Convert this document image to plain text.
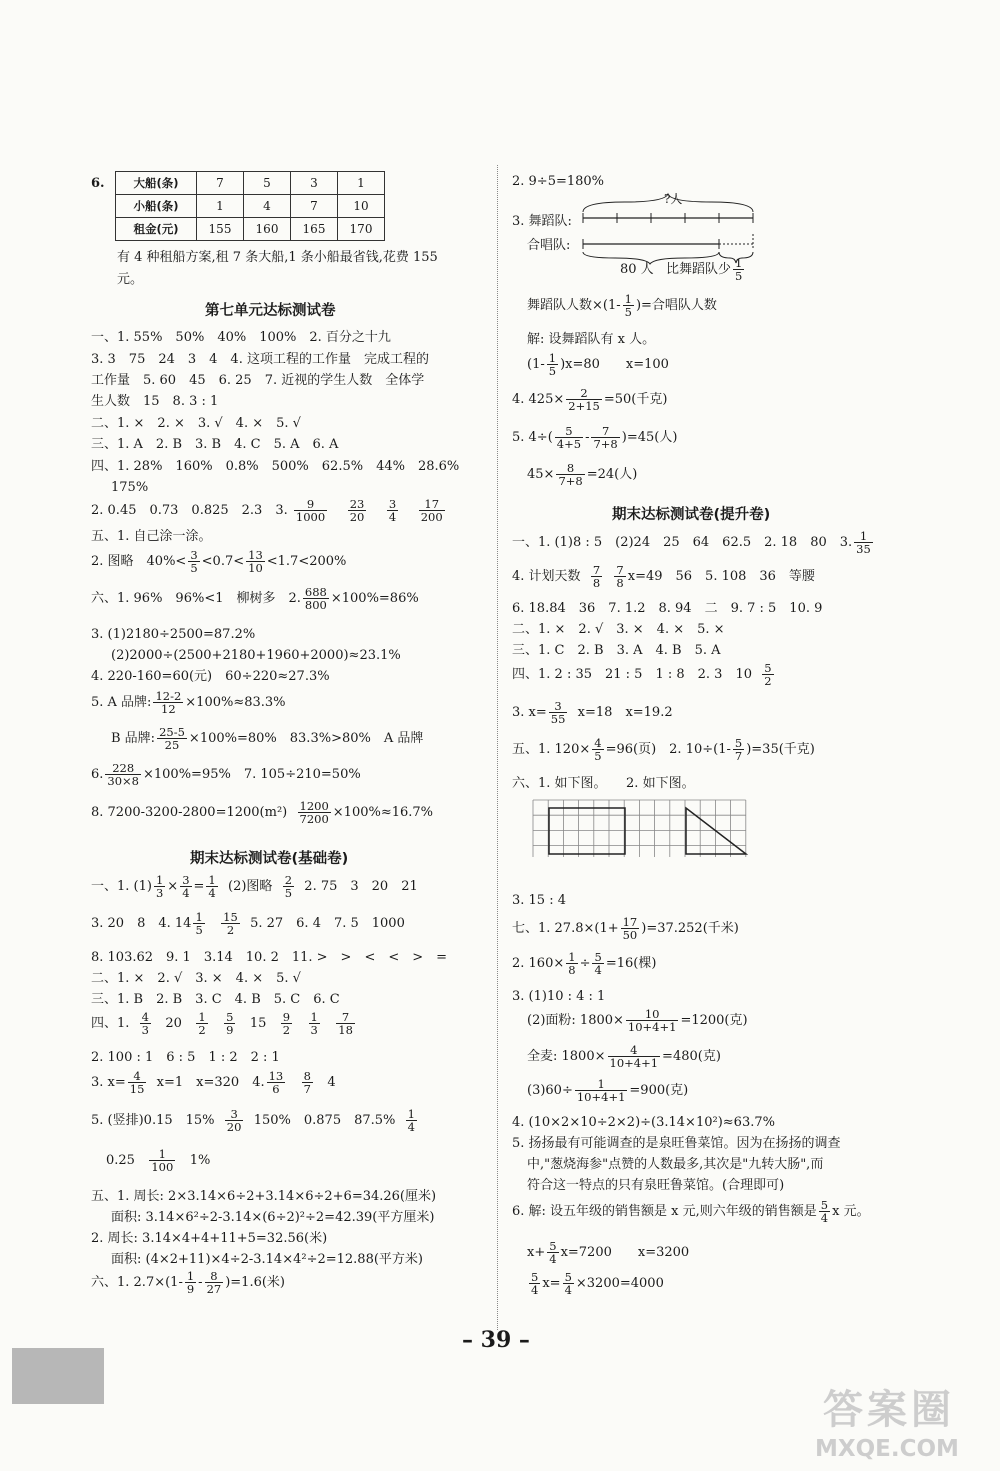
6.	大船(条)	7	5	3	1
小船(条)	1	4	7	10
租金(元)	155	160	165	170
有 4 种租船方案,租 7 条大船,1 条小船最省钱,花费 155
元。
第七单元达标测试卷
一、1. 55%　50%　40%　100%　2. 百分之十九
3. 3　75　24　3　4　4. 这项工程的工作量　完成工程的
工作量　5. 60　45　6. 25　7. 近视的学生人数　全体学
生人数　15　8. 3 : 1
二、1. ×　2. ×　3. √　4. ×　5. √
三、1. A　2. B　3. B　4. C　5. A　6. A
四、1. 28%　160%　0.8%　500%　62.5%　44%　28.6%
175%
2. 0.45　0.73　0.825　2.3　3. $\frac{9}{1000}$
$\frac{23}{20}$
$\frac{3}{4}$
$\frac{17}{200}$
五、1. 自己涂一涂。
2. 图略　$40\%< \frac{3}{5} <0.7< \frac{13}{10} <1.7<200\%$
六、1. 96%　96%<1　柳树多　2. $\frac{688}{800} \times 100\%=86\%$
3. (1)2180÷2500=87.2%
(2)2000÷(2500+2180+1960+2000)≈23.1%
4. 220-160=60(元)　60÷220≈27.3%
5. A 品牌: $\frac{12-2}{12} \times 100\%\approx 83.3\%$
B 品牌: $\frac{25-5}{25} \times 100\%=80\%$　83.3%>80%　A 品牌
6. $\frac{228}{30\times 8} \times 100\%=95\%$　7. 105÷210=50%
8. $7200-3200-2800=1200(m^2) \frac{1200}{7200} \times 100\%\approx 16.7\%$
期末达标测试卷(基础卷)
一、1. $(1) \frac{1}{3} \times \frac{3}{4} = \frac{1}{4} (2)$图略 $\frac{2}{5} 2$. 75　3　20　21
3. 20　8　4. $14 \frac{1}{5}$
$\frac{15}{2} 5$. 27　6. 4　7. 5　1000
8. 103.62　9. 1　3.14　10. 2　11. >　>　<　<　>　=
二、1. ×　2. √　3. ×　4. ×　5. √
三、1. B　2. B　3. C　4. B　5. C　6. C
四、1. $\frac{4}{3} 20 \frac{1}{2}$
$\frac{5}{9} 15 \frac{9}{2}$
$\frac{1}{3}$
$\frac{7}{18}$
2. 100 : 1　6 : 5　1 : 2　2 : 1
3. $x= \frac{4}{15} x=1$　x=320　4. $\frac{13}{6}$
$\frac{8}{7} 4$
5. (竖排)0.15　$15\% \frac{3}{20} 150\%$　0.875　$87.5\% \frac{1}{4}$
$0.25 \frac{1}{100} 1\%$
五、1. 周长: 2×3.14×6÷2+3.14×6÷2+6=34.26(厘米)
面积: 3.14×6²÷2-3.14×(6÷2)²÷2=42.39(平方厘米)
2. 周长: 3.14×4+4+11+5=32.56(米)
面积: (4×2+11)×4÷2-3.14×4²÷2=12.88(平方米)
六、1. $2.7\times(1- \frac{1}{9} - \frac{8}{27} )=1.6$(米)
2. 9÷5=180%
3. 舞蹈队:
合唱队:
?人
80 人 比舞蹈队少 $\frac{1}{5}$
舞蹈队人数$\times(1- \frac{1}{5}$ )=合唱队人数
解: 设舞蹈队有 x 人。
$(1- \frac{1}{5} )x=80$　　x=100
4. $425\times \frac{2}{2+15} =50$(千克)
5. $4\div( \frac{5}{4+5} - \frac{7}{7+8} )=45$(人)
$45\times \frac{8}{7+8} =24$(人)
期末达标测试卷(提升卷)
一、1. (1)8 : 5　(2)24　25　64　62.5　2. 18　80　3. $\frac{1}{35}$
4. 计划天数 $\frac{7}{8}$
$\frac{7}{8} x=49$　56　5. 108　36　等腰
6. 18.84　36　7. 1.2　8. 94　二　9. 7 : 5　10. 9
二、1. ×　2. √　3. ×　4. ×　5. ×
三、1. C　2. B　3. A　4. B　5. A
四、1. 2 : 35　21 : 5　1 : 8　2. 3　$10 \frac{5}{2}$
3. $x= \frac{3}{55} x=18$　x=19.2
五、1. $120\times \frac{4}{5} =96$(页)　2. $10\div(1- \frac{5}{7} )=35$(千克)
六、1. 如下图。　　2. 如下图。
3. 15 : 4
七、1. $27.8\times(1+ \frac{17}{50} )=37.252$(千米)
2. $160\times \frac{1}{8} \div \frac{5}{4} =16$(棵)
3. (1)10 : 4 : 1
(2)面粉: $1800\times \frac{10}{10+4+1} =1200$(克)
全麦: $1800\times \frac{4}{10+4+1} =480$(克)
$(3)60\div \frac{1}{10+4+1} =900$(克)
4. (10×2×10÷2×2)÷(3.14×10²)≈63.7%
5. 扬扬最有可能调查的是泉旺鲁菜馆。因为在扬扬的调查
中,"葱烧海参"点赞的人数最多,其次是"九转大肠",而
符合这一特点的只有泉旺鲁菜馆。(合理即可)
6. 解: 设五年级的销售额是 x 元,则六年级的销售额是 $\frac{5}{4}$ x 元。
$x+ \frac{5}{4} x=7200$　　x=3200
$\frac{5}{4} x= \frac{5}{4} \times 3200=4000$
– 39 –
答案圈
MXQE.COM
